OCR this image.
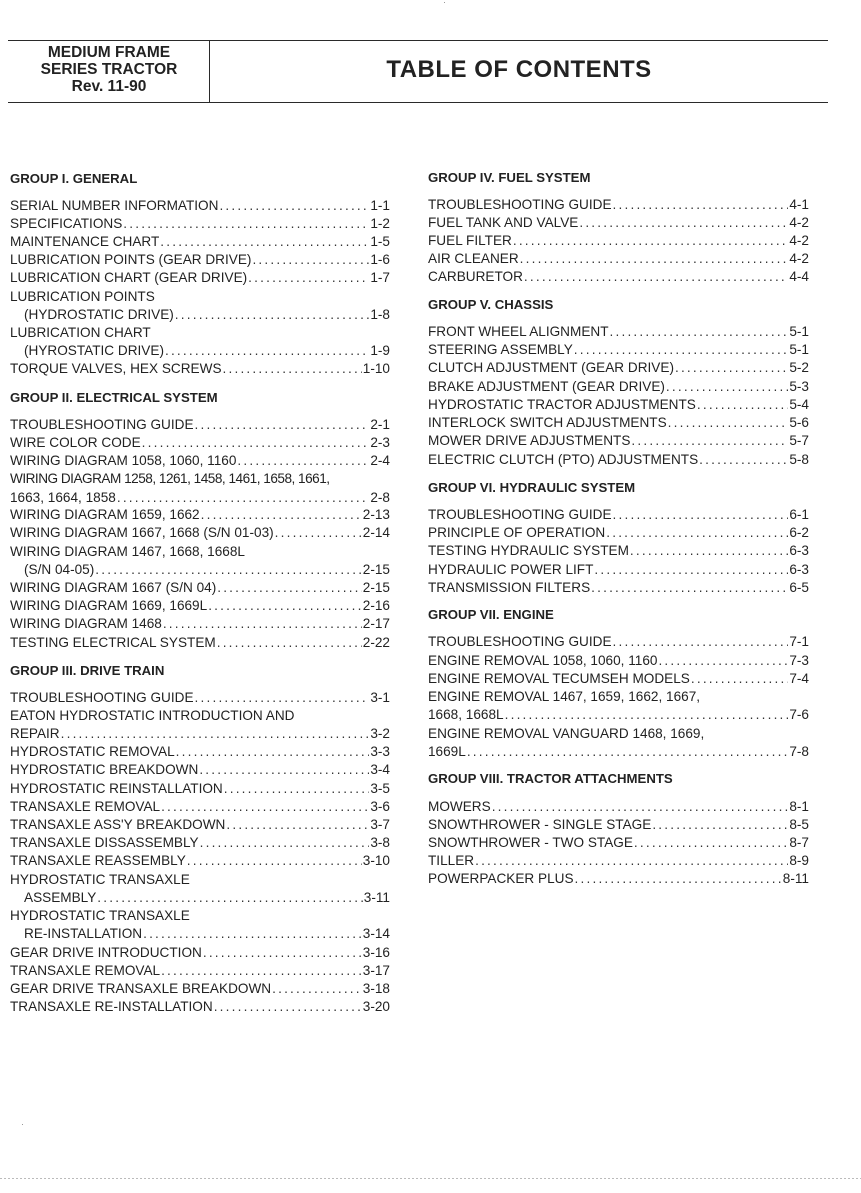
MEDIUM FRAME
SERIES TRACTOR
Rev. 11-90
TABLE OF CONTENTS
GROUP I. GENERAL
SERIAL NUMBER INFORMATION .....	1-1
SPECIFICATIONS .....	1-2
MAINTENANCE CHART .....	1-5
LUBRICATION POINTS (GEAR DRIVE) .....	1-6
LUBRICATION CHART (GEAR DRIVE) .....	1-7
LUBRICATION POINTS
(HYDROSTATIC DRIVE) .....	1-8
LUBRICATION CHART
(HYROSTATIC DRIVE) .....	1-9
TORQUE VALVES, HEX SCREWS .....	1-10
GROUP II. ELECTRICAL SYSTEM
TROUBLESHOOTING GUIDE .....	2-1
WIRE COLOR CODE .....	2-3
WIRING DIAGRAM 1058, 1060, 1160 .....	2-4
WIRING DIAGRAM 1258, 1261, 1458, 1461, 1658, 1661,
1663, 1664, 1858 .....	2-8
WIRING DIAGRAM 1659, 1662 .....	2-13
WIRING DIAGRAM 1667, 1668 (S/N 01-03) .....	2-14
WIRING DIAGRAM 1467, 1668, 1668L
(S/N 04-05) .....	2-15
WIRING DIAGRAM 1667 (S/N 04) .....	2-15
WIRING DIAGRAM 1669, 1669L .....	2-16
WIRING DIAGRAM 1468 .....	2-17
TESTING ELECTRICAL SYSTEM .....	2-22
GROUP III. DRIVE TRAIN
TROUBLESHOOTING GUIDE .....	3-1
EATON HYDROSTATIC INTRODUCTION AND
REPAIR .....	3-2
HYDROSTATIC REMOVAL .....	3-3
HYDROSTATIC BREAKDOWN .....	3-4
HYDROSTATIC REINSTALLATION .....	3-5
TRANSAXLE REMOVAL .....	3-6
TRANSAXLE ASS'Y BREAKDOWN .....	3-7
TRANSAXLE DISSASSEMBLY .....	3-8
TRANSAXLE REASSEMBLY .....	3-10
HYDROSTATIC TRANSAXLE
ASSEMBLY .....	3-11
HYDROSTATIC TRANSAXLE
RE-INSTALLATION .....	3-14
GEAR DRIVE INTRODUCTION .....	3-16
TRANSAXLE REMOVAL .....	3-17
GEAR DRIVE TRANSAXLE BREAKDOWN .....	3-18
TRANSAXLE RE-INSTALLATION .....	3-20
GROUP IV. FUEL SYSTEM
TROUBLESHOOTING GUIDE .....	4-1
FUEL TANK AND VALVE .....	4-2
FUEL FILTER .....	4-2
AIR CLEANER .....	4-2
CARBURETOR .....	4-4
GROUP V. CHASSIS
FRONT WHEEL ALIGNMENT .....	5-1
STEERING ASSEMBLY .....	5-1
CLUTCH ADJUSTMENT (GEAR DRIVE) .....	5-2
BRAKE ADJUSTMENT (GEAR DRIVE) .....	5-3
HYDROSTATIC TRACTOR ADJUSTMENTS .....	5-4
INTERLOCK SWITCH ADJUSTMENTS .....	5-6
MOWER DRIVE ADJUSTMENTS .....	5-7
ELECTRIC CLUTCH (PTO) ADJUSTMENTS .....	5-8
GROUP VI. HYDRAULIC SYSTEM
TROUBLESHOOTING GUIDE .....	6-1
PRINCIPLE OF OPERATION .....	6-2
TESTING HYDRAULIC SYSTEM .....	6-3
HYDRAULIC POWER LIFT .....	6-3
TRANSMISSION FILTERS .....	6-5
GROUP VII. ENGINE
TROUBLESHOOTING GUIDE .....	7-1
ENGINE REMOVAL 1058, 1060, 1160 .....	7-3
ENGINE REMOVAL TECUMSEH MODELS .....	7-4
ENGINE REMOVAL 1467, 1659, 1662, 1667,
1668, 1668L .....	7-6
ENGINE REMOVAL VANGUARD 1468, 1669,
1669L .....	7-8
GROUP VIII. TRACTOR ATTACHMENTS
MOWERS .....	8-1
SNOWTHROWER - SINGLE STAGE .....	8-5
SNOWTHROWER - TWO STAGE .....	8-7
TILLER .....	8-9
POWERPACKER PLUS .....	8-11
